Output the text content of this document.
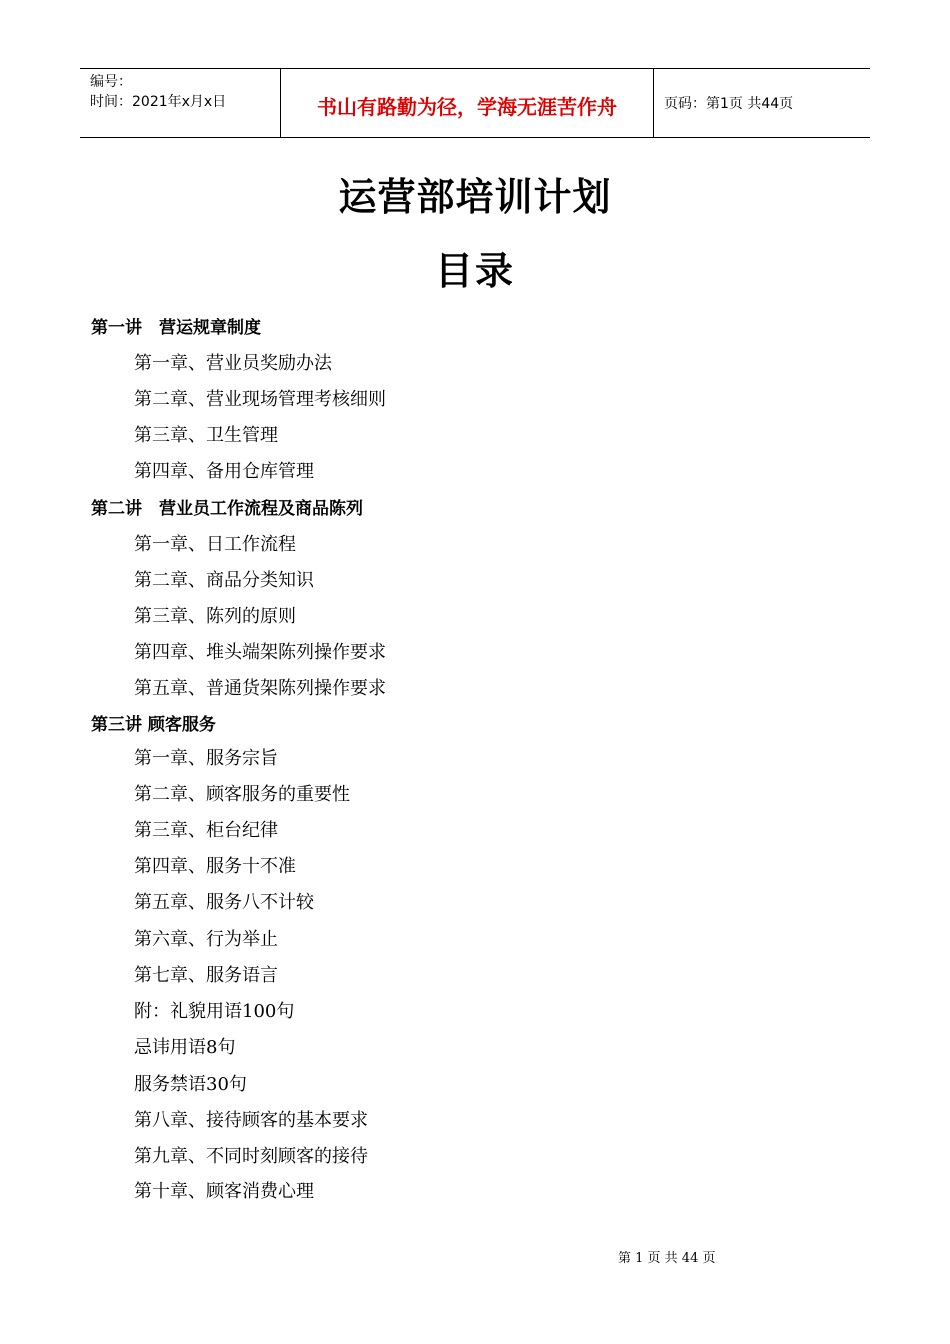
编号：
时间：2021年x月x日	书山有路勤为径，学海无涯苦作舟	页码：第1页 共44页
运营部培训计划
目录
第一讲　营运规章制度
第一章、营业员奖励办法
第二章、营业现场管理考核细则
第三章、卫生管理
第四章、备用仓库管理
第二讲　营业员工作流程及商品陈列
第一章、日工作流程
第二章、商品分类知识
第三章、陈列的原则
第四章、堆头端架陈列操作要求
第五章、普通货架陈列操作要求
第三讲 顾客服务
第一章、服务宗旨
第二章、顾客服务的重要性
第三章、柜台纪律
第四章、服务十不准
第五章、服务八不计较
第六章、行为举止
第七章、服务语言
附：礼貌用语100句
忌讳用语8句
服务禁语30句
第八章、接待顾客的基本要求
第九章、不同时刻顾客的接待
第十章、顾客消费心理
第 1 页 共 44 页
